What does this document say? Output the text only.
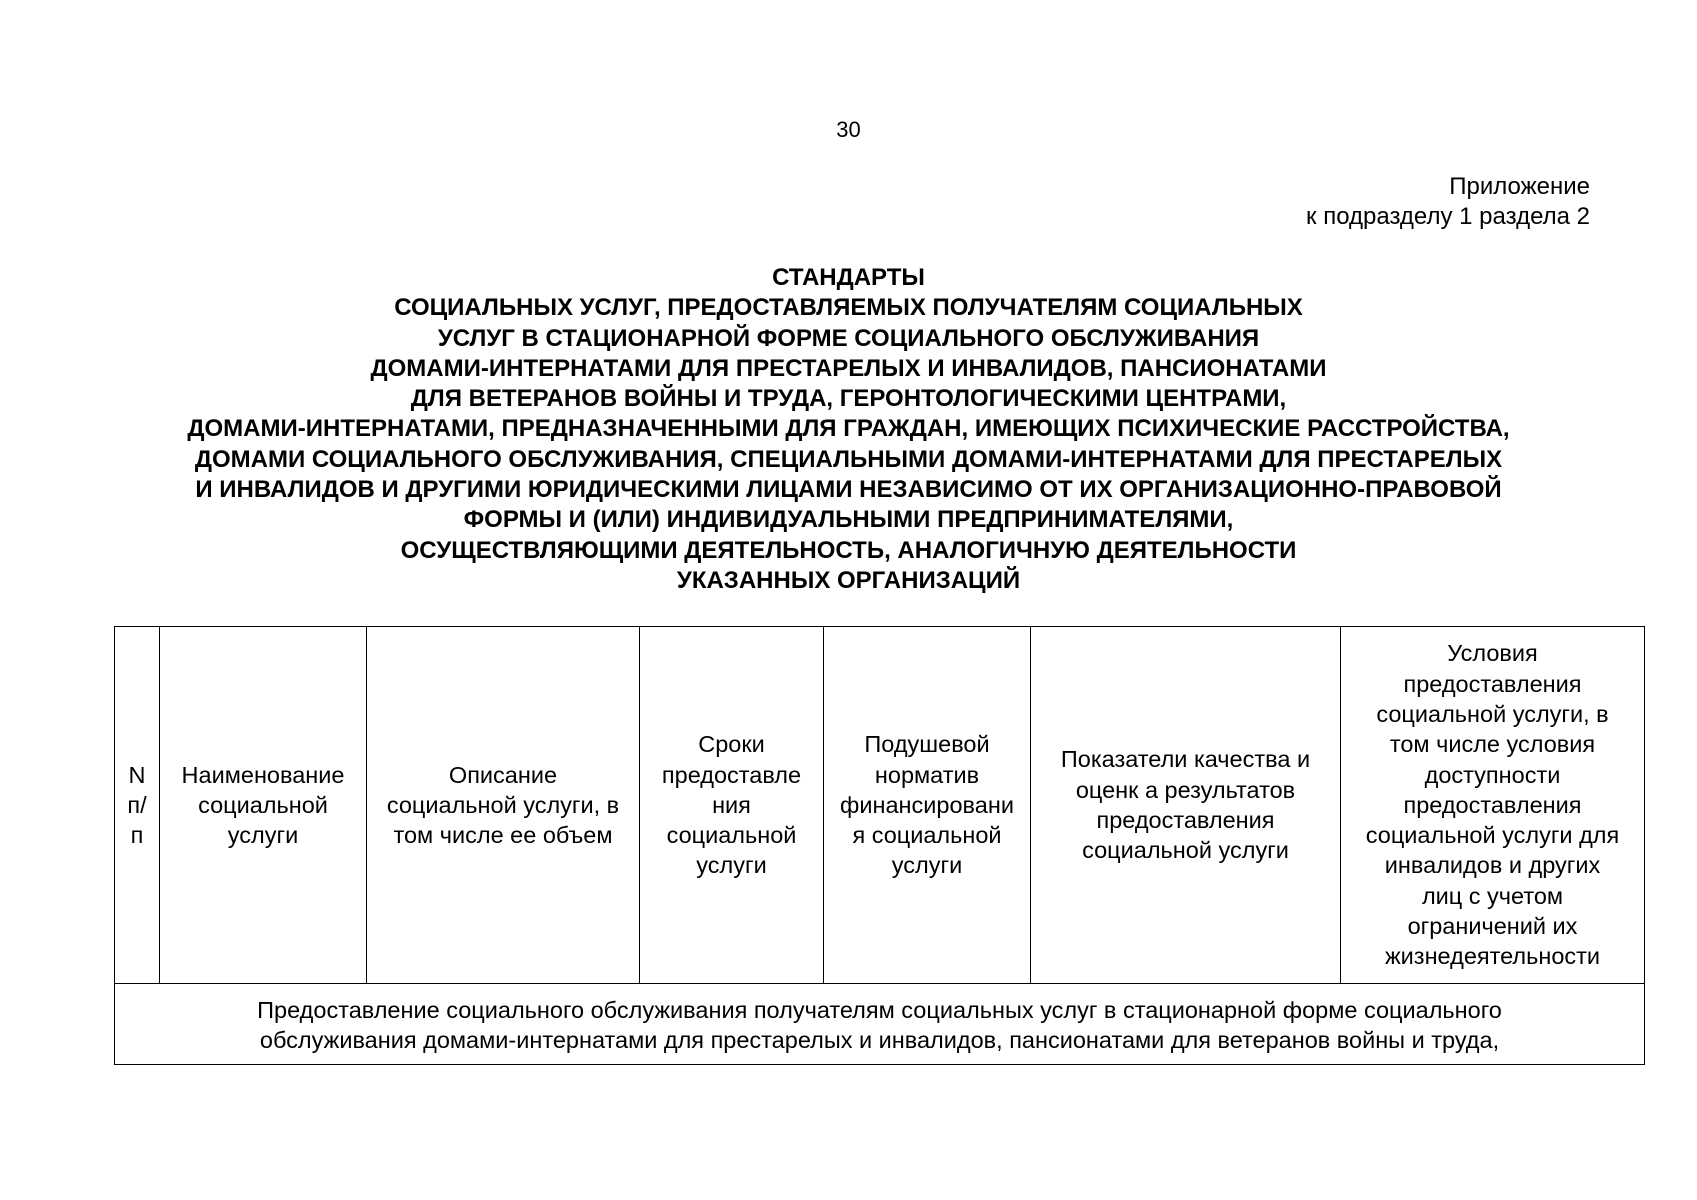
30
Приложение
к подразделу 1 раздела 2
СТАНДАРТЫ
СОЦИАЛЬНЫХ УСЛУГ, ПРЕДОСТАВЛЯЕМЫХ ПОЛУЧАТЕЛЯМ СОЦИАЛЬНЫХ
УСЛУГ В СТАЦИОНАРНОЙ ФОРМЕ СОЦИАЛЬНОГО ОБСЛУЖИВАНИЯ
ДОМАМИ-ИНТЕРНАТАМИ ДЛЯ ПРЕСТАРЕЛЫХ И ИНВАЛИДОВ, ПАНСИОНАТАМИ
ДЛЯ ВЕТЕРАНОВ ВОЙНЫ И ТРУДА, ГЕРОНТОЛОГИЧЕСКИМИ ЦЕНТРАМИ,
ДОМАМИ-ИНТЕРНАТАМИ, ПРЕДНАЗНАЧЕННЫМИ ДЛЯ ГРАЖДАН, ИМЕЮЩИХ ПСИХИЧЕСКИЕ РАССТРОЙСТВА,
ДОМАМИ СОЦИАЛЬНОГО ОБСЛУЖИВАНИЯ, СПЕЦИАЛЬНЫМИ ДОМАМИ-ИНТЕРНАТАМИ ДЛЯ ПРЕСТАРЕЛЫХ
И ИНВАЛИДОВ И ДРУГИМИ ЮРИДИЧЕСКИМИ ЛИЦАМИ НЕЗАВИСИМО ОТ ИХ ОРГАНИЗАЦИОННО-ПРАВОВОЙ
ФОРМЫ И (ИЛИ) ИНДИВИДУАЛЬНЫМИ ПРЕДПРИНИМАТЕЛЯМИ,
ОСУЩЕСТВЛЯЮЩИМИ ДЕЯТЕЛЬНОСТЬ, АНАЛОГИЧНУЮ ДЕЯТЕЛЬНОСТИ
УКАЗАННЫХ ОРГАНИЗАЦИЙ
N
п/
п

Наименование
социальной
услуги

Описание
социальной услуги, в
том числе ее объем

Сроки
предоставле
ния
социальной
услуги

Подушевой
норматив
финансировани
я социальной
услуги

Показатели качества и
оценк а результатов
предоставления
социальной услуги

Условия
предоставления
социальной услуги, в
том числе условия
доступности
предоставления
социальной услуги для
инвалидов и других
лиц с учетом
ограничений их
жизнедеятельности

Предоставление социального обслуживания получателям социальных услуг в стационарной форме социального
обслуживания домами-интернатами для престарелых и инвалидов, пансионатами для ветеранов войны и труда,
